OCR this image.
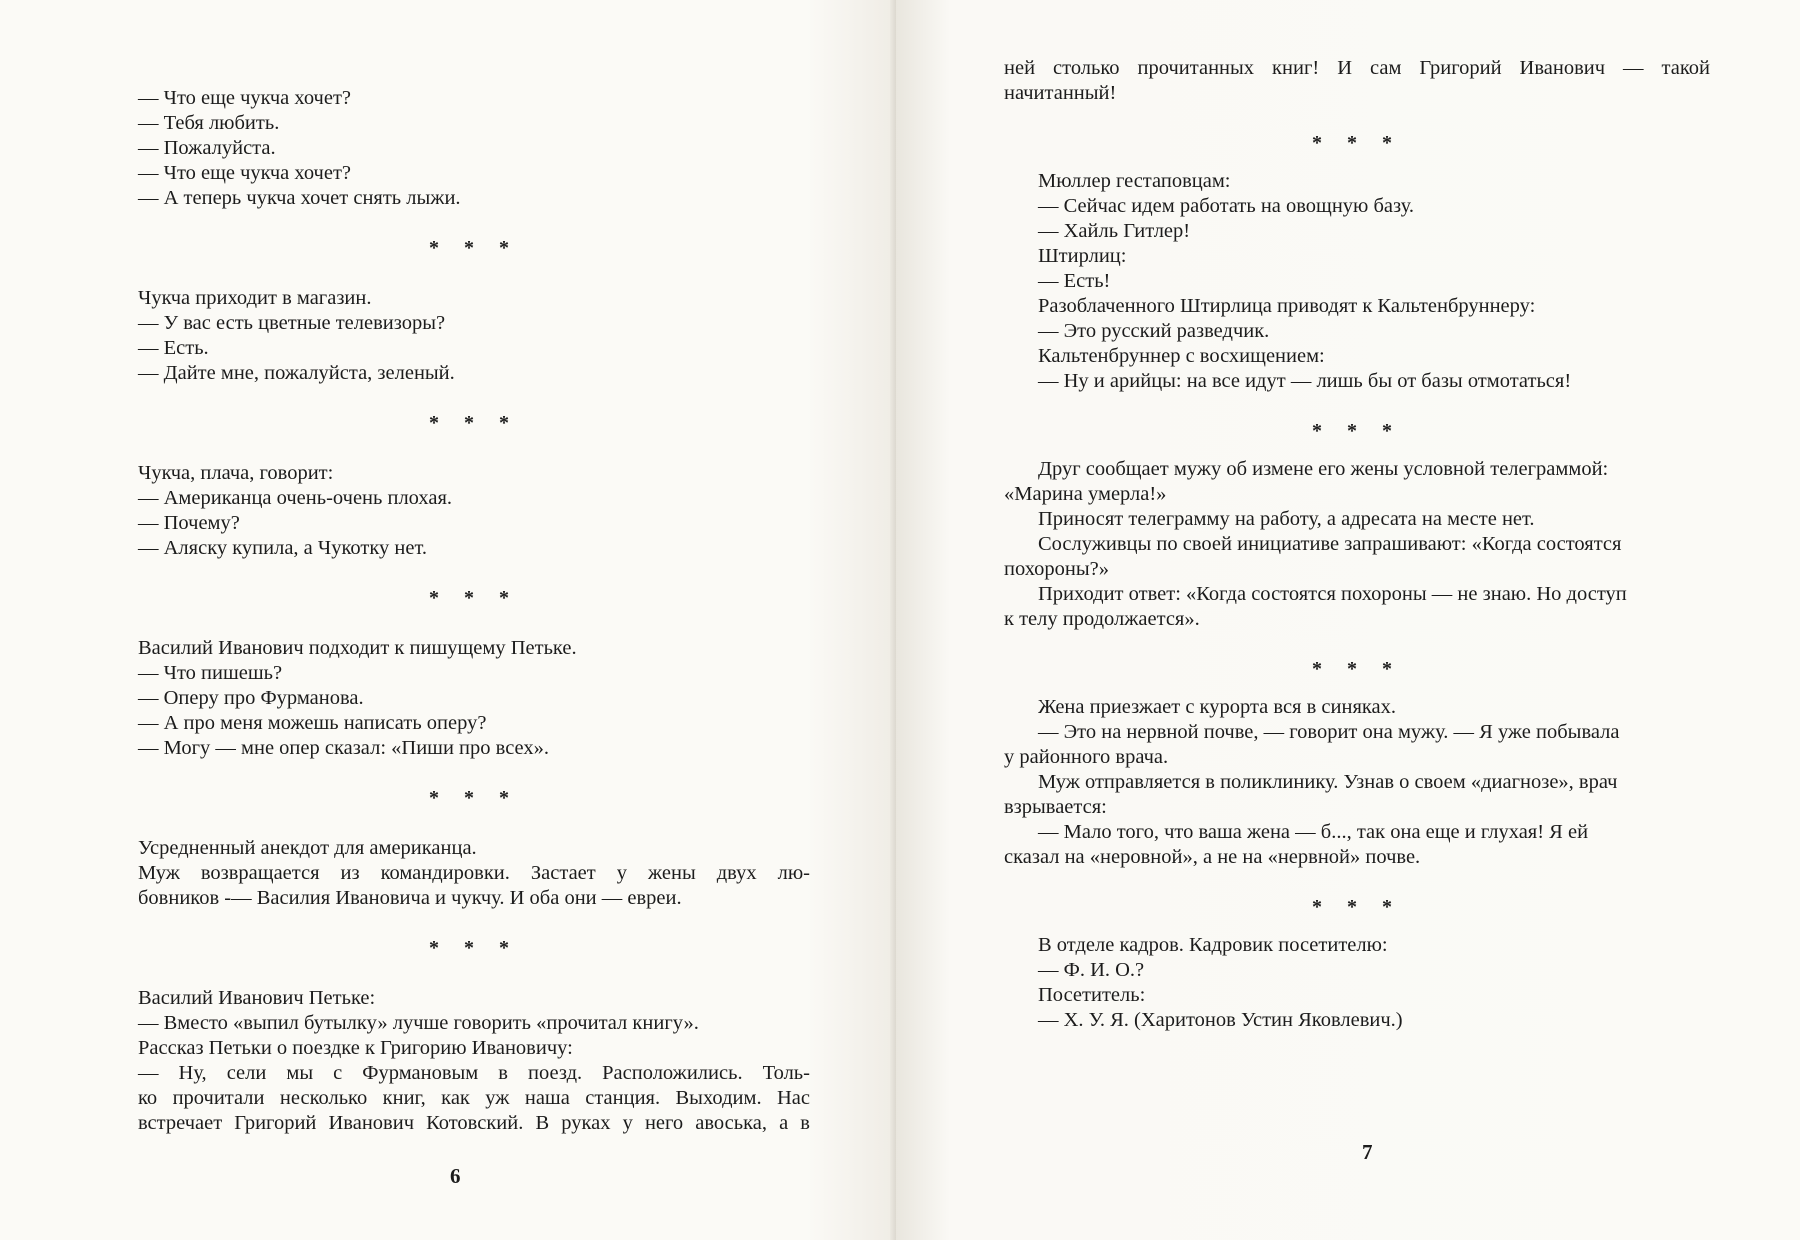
— Что еще чукча хочет?
— Тебя любить.
— Пожалуйста.
— Что еще чукча хочет?
— А теперь чукча хочет снять лыжи.
* * *
Чукча приходит в магазин.
— У вас есть цветные телевизоры?
— Есть.
— Дайте мне, пожалуйста, зеленый.
* * *
Чукча, плача, говорит:
— Американца очень-очень плохая.
— Почему?
— Аляску купила, а Чукотку нет.
* * *
Василий Иванович подходит к пишущему Петьке.
— Что пишешь?
— Оперу про Фурманова.
— А про меня можешь написать оперу?
— Могу — мне опер сказал: «Пиши про всех».
* * *
Усредненный анекдот для американца.
Муж возвращается из командировки. Застает у жены двух лю-
бовников -— Василия Ивановича и чукчу. И оба они — евреи.
* * *
Василий Иванович Петьке:
— Вместо «выпил бутылку» лучше говорить «прочитал книгу».
Рассказ Петьки о поездке к Григорию Ивановичу:
— Ну, сели мы с Фурмановым в поезд. Расположились. Толь-
ко прочитали несколько книг, как уж наша станция. Выходим. Нас
встречает Григорий Иванович Котовский. В руках у него авоська, а в
6
ней столько прочитанных книг! И сам Григорий Иванович — такой
начитанный!
* * *
Мюллер гестаповцам:
— Сейчас идем работать на овощную базу.
— Хайль Гитлер!
Штирлиц:
— Есть!
Разоблаченного Штирлица приводят к Кальтенбруннеру:
— Это русский разведчик.
Кальтенбруннер с восхищением:
— Ну и арийцы: на все идут — лишь бы от базы отмотаться!
* * *
Друг сообщает мужу об измене его жены условной телеграммой:
«Марина умерла!»
Приносят телеграмму на работу, а адресата на месте нет.
Сослуживцы по своей инициативе запрашивают: «Когда состоятся
похороны?»
Приходит ответ: «Когда состоятся похороны — не знаю. Но доступ
к телу продолжается».
* * *
Жена приезжает с курорта вся в синяках.
— Это на нервной почве, — говорит она мужу. — Я уже побывала
у районного врача.
Муж отправляется в поликлинику. Узнав о своем «диагнозе», врач
взрывается:
— Мало того, что ваша жена — б..., так она еще и глухая! Я ей
сказал на «неровной», а не на «нервной» почве.
* * *
В отделе кадров. Кадровик посетителю:
— Ф. И. О.?
Посетитель:
— Х. У. Я. (Харитонов Устин Яковлевич.)
7
